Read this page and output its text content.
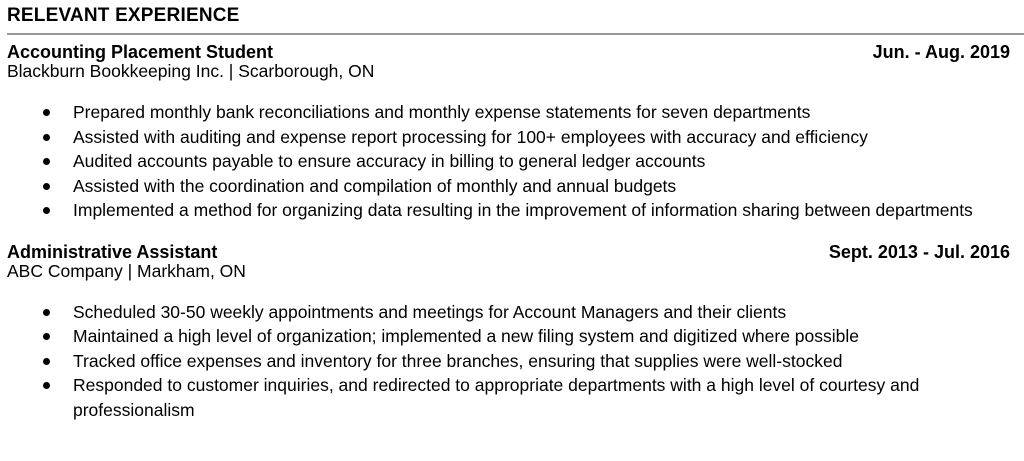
RELEVANT EXPERIENCE
Accounting Placement Student	Jun. - Aug. 2019
Blackburn Bookkeeping Inc. | Scarborough, ON
Prepared monthly bank reconciliations and monthly expense statements for seven departments
Assisted with auditing and expense report processing for 100+ employees with accuracy and efficiency
Audited accounts payable to ensure accuracy in billing to general ledger accounts
Assisted with the coordination and compilation of monthly and annual budgets
Implemented a method for organizing data resulting in the improvement of information sharing between departments
Administrative Assistant	Sept. 2013 - Jul. 2016
ABC Company | Markham, ON
Scheduled 30-50 weekly appointments and meetings for Account Managers and their clients
Maintained a high level of organization; implemented a new filing system and digitized where possible
Tracked office expenses and inventory for three branches, ensuring that supplies were well-stocked
Responded to customer inquiries, and redirected to appropriate departments with a high level of courtesy and professionalism
